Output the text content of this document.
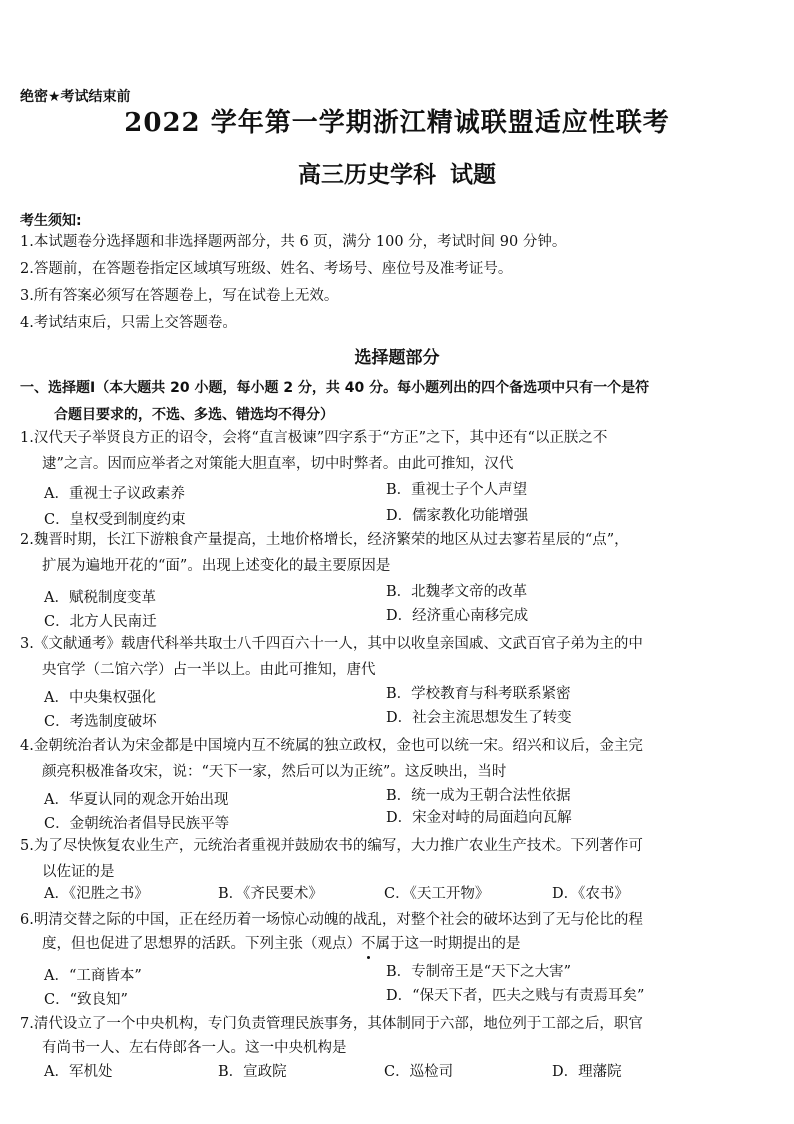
绝密★考试结束前
2022 学年第一学期浙江精诚联盟适应性联考
高三历史学科 试题
考生须知:
1.本试题卷分选择题和非选择题两部分，共 6 页，满分 100 分，考试时间 90 分钟。
2.答题前，在答题卷指定区域填写班级、姓名、考场号、座位号及准考证号。
3.所有答案必须写在答题卷上，写在试卷上无效。
4.考试结束后，只需上交答题卷。
选择题部分
一、选择题Ⅰ（本大题共 20 小题，每小题 2 分，共 40 分。每小题列出的四个备选项中只有一个是符
合题目要求的，不选、多选、错选均不得分）
1.汉代天子举贤良方正的诏令，会将“直言极谏”四字系于“方正”之下，其中还有“以正朕之不
逮”之言。因而应举者之对策能大胆直率，切中时弊者。由此可推知，汉代
A．重视士子议政素养	B．重视士子个人声望
C．皇权受到制度约束	D．儒家教化功能增强
2.魏晋时期，长江下游粮食产量提高，土地价格增长，经济繁荣的地区从过去寥若星辰的“点”，
扩展为遍地开花的“面”。出现上述变化的最主要原因是
A．赋税制度变革	B．北魏孝文帝的改革
C．北方人民南迁	D．经济重心南移完成
3.《文献通考》载唐代科举共取士八千四百六十一人，其中以收皇亲国戚、文武百官子弟为主的中
央官学（二馆六学）占一半以上。由此可推知，唐代
A．中央集权强化	B．学校教育与科考联系紧密
C．考选制度破坏	D．社会主流思想发生了转变
4.金朝统治者认为宋金都是中国境内互不统属的独立政权，金也可以统一宋。绍兴和议后，金主完
颜亮积极准备攻宋，说：“天下一家，然后可以为正统”。这反映出，当时
A．华夏认同的观念开始出现	B．统一成为王朝合法性依据
C．金朝统治者倡导民族平等	D．宋金对峙的局面趋向瓦解
5.为了尽快恢复农业生产，元统治者重视并鼓励农书的编写，大力推广农业生产技术。下列著作可
以佐证的是
A．《氾胜之书》	B．《齐民要术》	C．《天工开物》	D．《农书》
6.明清交替之际的中国，正在经历着一场惊心动魄的战乱，对整个社会的破坏达到了无与伦比的程
度，但也促进了思想界的活跃。下列主张（观点）不属于这一时期提出的是
A．“工商皆本”	B．专制帝王是“天下之大害”
C．“致良知”	D．“保天下者，匹夫之贱与有责焉耳矣”
7.清代设立了一个中央机构，专门负责管理民族事务，其体制同于六部，地位列于工部之后，职官
有尚书一人、左右侍郎各一人。这一中央机构是
A．军机处	B．宣政院	C．巡检司	D．理藩院
